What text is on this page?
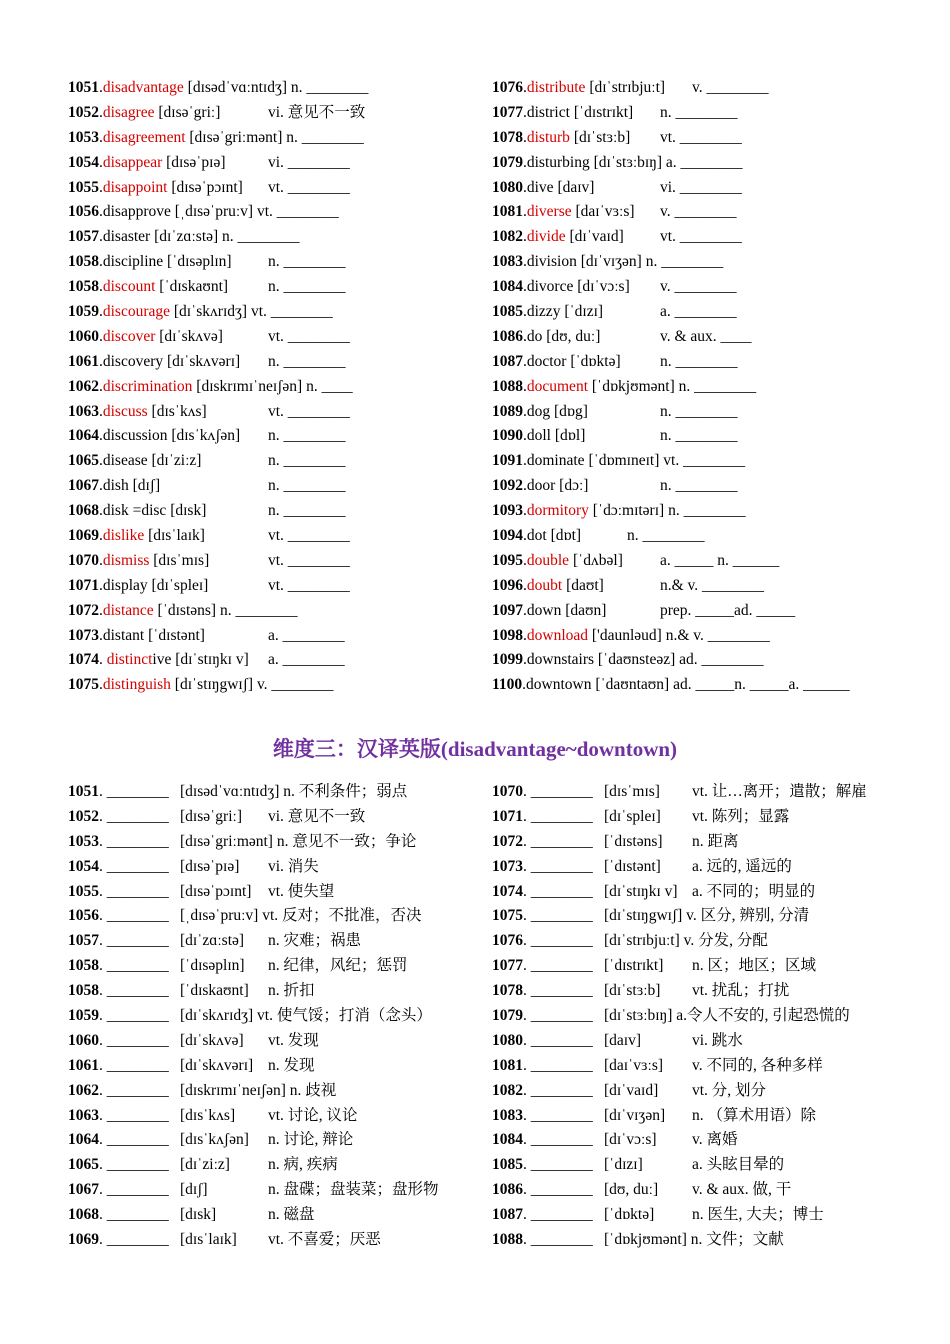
1051.disadvantage [dɪsədˈvɑːntɪdʒ] n. ________
1052.disagree [dɪsəˈgriː]	vi. 意见不一致
1053.disagreement [dɪsəˈgriːmənt] n. ________
1054.disappear [dɪsəˈpɪə]	vi. ________
1055.disappoint [dɪsəˈpɔɪnt] vt. ________
1056.disapprove [ˌdɪsəˈpruːv] vt. ________
1057.disaster [dɪˈzɑːstə] n. ________
1058.discipline [ˈdɪsəplɪn] n. ________
1058.discount [ˈdɪskaʊnt]	n. ________
1059.discourage [dɪˈskʌrɪdʒ] vt. ________
1060.discover [dɪˈskʌvə]	vt. ________
1061.discovery [dɪˈskʌvərɪ] n. ________
1062.discrimination [dɪskrɪmɪˈneɪʃən] n. ____
1063.discuss [dɪsˈkʌs]	vt. ________
1064.discussion [dɪsˈkʌʃən] n. ________
1065.disease [dɪˈziːz]	n. ________
1067.dish [dɪʃ]	n. ________
1068.disk =disc [dɪsk]	n. ________
1069.dislike [dɪsˈlaɪk]	vt. ________
1070.dismiss [dɪsˈmɪs]	vt. ________
1071.display [dɪˈspleɪ]	vt. ________
1072.distance [ˈdɪstəns] n. ________
1073.distant [ˈdɪstənt]	a. ________
1074. distinctive [dɪˈstɪŋkɪ v] a. ________
1075.distinguish [dɪˈstɪŋgwɪʃ] v. ________
1076.distribute [dɪˈstrɪbjuːt] v. ________
1077.district [ˈdɪstrɪkt] n. ________
1078.disturb [dɪˈstɜːb] vt. ________
1079.disturbing [dɪˈstɜːbɪŋ] a. ________
1080.dive [daɪv]	vi. ________
1081.diverse [daɪˈvɜːs] v. ________
1082.divide [dɪˈvaɪd] vt. ________
1083.division [dɪˈvɪʒən] n. ________
1084.divorce [dɪˈvɔːs] v. ________
1085.dizzy [ˈdɪzɪ]	a. ________
1086.do [dʊ, duː]	v. & aux. ____
1087.doctor [ˈdɒktə]	n. ________
1088.document [ˈdɒkjʊmənt] n. ________
1089.dog [dɒg]	n. ________
1090.doll [dɒl]	n. ________
1091.dominate [ˈdɒmɪneɪt] vt. ________
1092.door [dɔː]	n. ________
1093.dormitory [ˈdɔːmɪtərɪ] n. ________
1094.dot [dɒt]	n. ________
1095.double [ˈdʌbəl] a. _____ n. ______
1096.doubt [daʊt]	n.& v. ________
1097.down [daʊn]	prep. _____ad. _____
1098.download ['daunləud] n.& v. ________
1099.downstairs [ˈdaʊnsteəz] ad. ________
1100.downtown [ˈdaʊntaʊn] ad. _____n. _____a. ______
维度三：汉译英版(disadvantage~downtown)
1051. ________ [dɪsədˈvɑːntɪdʒ] n. 不利条件；弱点
1052. ________ [dɪsəˈgriː] vi. 意见不一致
1053. ________ [dɪsəˈgriːmənt] n. 意见不一致；争论
1054. ________ [dɪsəˈpɪə] vi. 消失
1055. ________ [dɪsəˈpɔɪnt] vt. 使失望
1056. ________ [ˌdɪsəˈpruːv] vt. 反对；不批准，否决
1057. ________ [dɪˈzɑːstə] n. 灾难；祸患
1058. ________ [ˈdɪsəplɪn] n. 纪律，风纪；惩罚
1058. ________ [ˈdɪskaʊnt] n. 折扣
1059. ________ [dɪˈskʌrɪdʒ] vt. 使气馁；打消（念头）
1060. ________ [dɪˈskʌvə] vt. 发现
1061. ________ [dɪˈskʌvərɪ] n. 发现
1062. ________ [dɪskrɪmɪˈneɪʃən] n. 歧视
1063. ________ [dɪsˈkʌs] vt. 讨论, 议论
1064. ________ [dɪsˈkʌʃən] n. 讨论, 辩论
1065. ________ [dɪˈziːz] n. 病, 疾病
1067. ________ [dɪʃ]	n. 盘碟；盘装菜；盘形物
1068. ________ [dɪsk]	n. 磁盘
1069. ________ [dɪsˈlaɪk] vt. 不喜爱；厌恶
1070. ________ [dɪsˈmɪs] vt. 让…离开；遣散；解雇
1071. ________ [dɪˈspleɪ] vt. 陈列；显露
1072. ________ [ˈdɪstəns] n. 距离
1073. ________ [ˈdɪstənt] a. 远的, 遥远的
1074. ________ [dɪˈstɪŋkɪ v] a. 不同的；明显的
1075. ________ [dɪˈstɪŋgwɪʃ] v. 区分, 辨别, 分清
1076. ________ [dɪˈstrɪbjuːt] v. 分发, 分配
1077. ________ [ˈdɪstrɪkt] n. 区；地区；区域
1078. ________ [dɪˈstɜːb] vt. 扰乱；打扰
1079. ________ [dɪˈstɜːbɪŋ] a.令人不安的, 引起恐慌的
1080. ________ [daɪv]	vi. 跳水
1081. ________ [daɪˈvɜːs] v. 不同的, 各种多样
1082. ________ [dɪˈvaɪd] vt. 分, 划分
1083. ________ [dɪˈvɪʒən] n. （算术用语）除
1084. ________ [dɪˈvɔːs] v. 离婚
1085. ________ [ˈdɪzɪ]	a. 头眩目晕的
1086. ________ [dʊ, duː] v. & aux. 做, 干
1087. ________ [ˈdɒktə] n. 医生, 大夫；博士
1088. ________ [ˈdɒkjʊmənt] n. 文件；文献
